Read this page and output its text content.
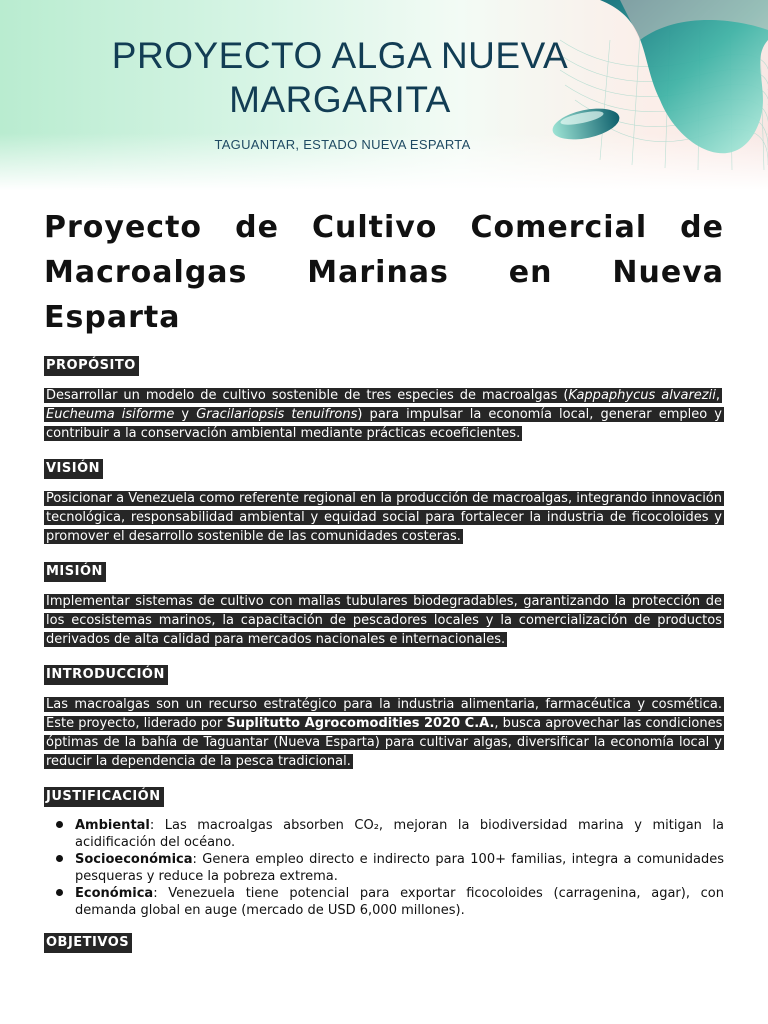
PROYECTO ALGA NUEVA
MARGARITA
TAGUANTAR, ESTADO NUEVA ESPARTA
Proyecto de Cultivo Comercial de Macroalgas Marinas en Nueva Esparta
PROPÓSITO

Desarrollar un modelo de cultivo sostenible de tres especies de macroalgas (Kappaphycus alvarezii, Eucheuma isiforme y Gracilariopsis tenuifrons) para impulsar la economía local, generar empleo y contribuir a la conservación ambiental mediante prácticas ecoeficientes.

VISIÓN

Posicionar a Venezuela como referente regional en la producción de macroalgas, integrando innovación tecnológica, responsabilidad ambiental y equidad social para fortalecer la industria de ficocoloides y promover el desarrollo sostenible de las comunidades costeras.

MISIÓN

Implementar sistemas de cultivo con mallas tubulares biodegradables, garantizando la protección de los ecosistemas marinos, la capacitación de pescadores locales y la comercialización de productos derivados de alta calidad para mercados nacionales e internacionales.

INTRODUCCIÓN

Las macroalgas son un recurso estratégico para la industria alimentaria, farmacéutica y cosmética. Este proyecto, liderado por Suplitutto Agrocomodities 2020 C.A., busca aprovechar las condiciones óptimas de la bahía de Taguantar (Nueva Esparta) para cultivar algas, diversificar la economía local y reducir la dependencia de la pesca tradicional.

JUSTIFICACIÓN
Ambiental: Las macroalgas absorben CO₂, mejoran la biodiversidad marina y mitigan la acidificación del océano.
Socioeconómica: Genera empleo directo e indirecto para 100+ familias, integra a comunidades pesqueras y reduce la pobreza extrema.
Económica: Venezuela tiene potencial para exportar ficocoloides (carragenina, agar), con demanda global en auge (mercado de USD 6,000 millones).
OBJETIVOS
